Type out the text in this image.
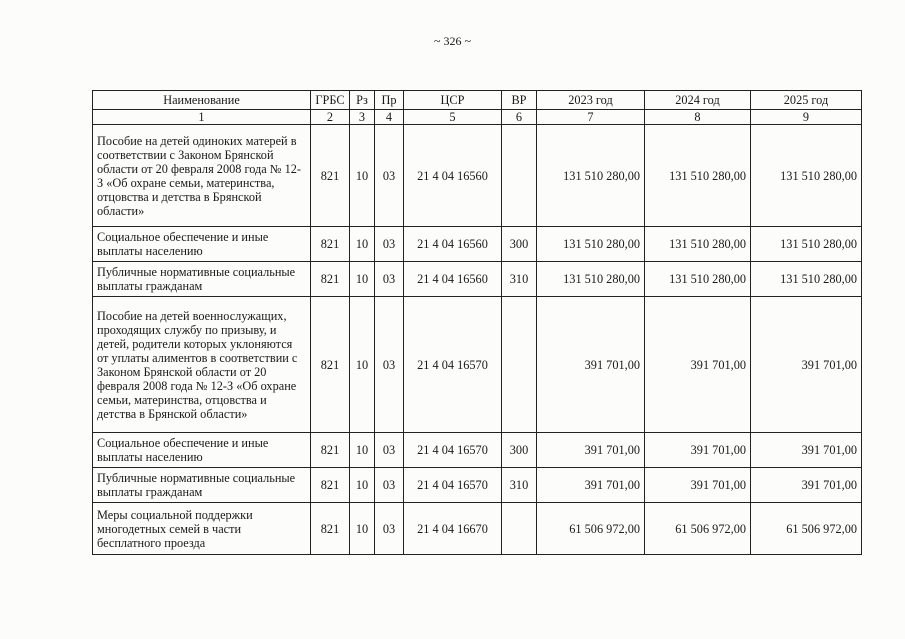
~ 326 ~
Наименование	ГРБС	Рз	Пр	ЦСР	ВР	2023 год	2024 год	2025 год
1	2	3	4	5	6	7	8	9
Пособие на детей одиноких матерей в соответствии с Законом Брянской области от 20 февраля 2008 года № 12-З «Об охране семьи, материнства, отцовства и детства в Брянской области»	821	10	03	21 4 04 16560		131 510 280,00	131 510 280,00	131 510 280,00
Социальное обеспечение и иные выплаты населению	821	10	03	21 4 04 16560	300	131 510 280,00	131 510 280,00	131 510 280,00
Публичные нормативные социальные выплаты гражданам	821	10	03	21 4 04 16560	310	131 510 280,00	131 510 280,00	131 510 280,00
Пособие на детей военнослужащих, проходящих службу по призыву, и детей, родители которых уклоняются от уплаты алиментов в соответствии с Законом Брянской области от 20 февраля 2008 года № 12-З «Об охране семьи, материнства, отцовства и детства в Брянской области»	821	10	03	21 4 04 16570		391 701,00	391 701,00	391 701,00
Социальное обеспечение и иные выплаты населению	821	10	03	21 4 04 16570	300	391 701,00	391 701,00	391 701,00
Публичные нормативные социальные выплаты гражданам	821	10	03	21 4 04 16570	310	391 701,00	391 701,00	391 701,00
Меры социальной поддержки многодетных семей в части бесплатного проезда	821	10	03	21 4 04 16670		61 506 972,00	61 506 972,00	61 506 972,00
